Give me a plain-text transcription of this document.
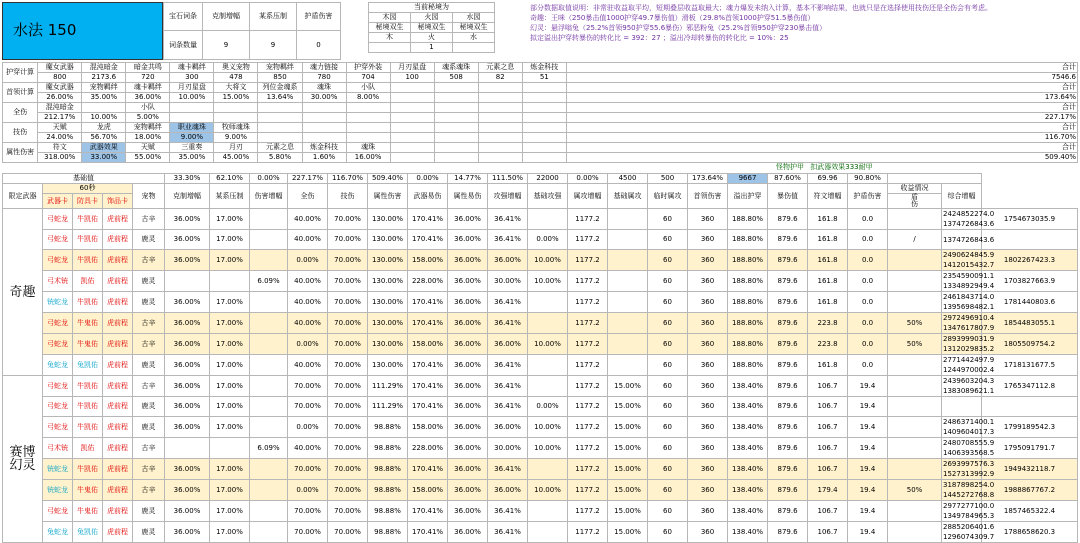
水法 150
宝石词条	克制增幅	某系压制	护盾伤害
词条数量	9	9	0
当前秘境为		
木园	火园	水园
秘境双生	秘境双生	秘境双生
木	火	水
	1	
部分数据取值说明：非常驻收益取平均，短期叠层收益取最大；魂力爆发未纳入计算，基本不影响结果，也就只是在选择使用技伤还是全伤会有考虑。
奇趣：王咪（250暴击值1000护穿49.7暴伤值）滑板（29.8%首领1000护穿51.5暴伤值）
幻灵：悬浮嗡兔（25.2%首领950护穿55.6暴伤）邪恶粉兔（25.2%首领950护穿230暴击值）
拟定溢出护穿转暴伤的转化比 = 392：27 ；溢出冷却转暴伤的转化比 = 10%：25
护穿计算	魔女武器	混沌暗金	暗金共鸣	魂卡羁绊	奥义宠物	宠物羁绊	魂力链接	护穿外装	月刃星盘	魂系魂珠	元素之息	炼金科技	合计
	800	2173.6	720	300	478	850	780	704	100	508	82	51	7546.6
首领计算	魔女武器	宠物羁绊	魂卡羁绊	月刃星盘	大将文	列位金魂系	魂珠	小队					合计
	26.00%	35.00%	36.00%	10.00%	15.00%	13.64%	30.00%	8.00%					173.64%
全伤	混沌暗金		小队										合计
	212.17%	10.00%	5.00%										227.17%
技伤	天赋	龙虎	宠物羁绊	职业魂珠	牧师魂珠								合计
	24.00%	56.70%	18.00%	9.00%	9.00%								116.70%
属性伤害	符文	武器效果	天赋	三重奏	月刃	元素之息	炼金科技	魂珠					合计
	318.00%	33.00%	55.00%	35.00%	45.00%	5.80%	1.60%	16.00%					509.40%
怪物护甲 扣武器效果333耐甲
基础值					33.30%	62.10%	0.00%	227.17%	116.70%	509.40%	0.00%	14.77%	111.50%	22000	0.00%	4500	500	173.64%	9667	87.60%	69.96	90.80%			
限定武器	60秒			宠物	克制增幅	某系压制	伤害增幅	全伤	技伤	属性伤害	武器易伤	属性易伤	攻强增幅	基础攻强	属攻增幅	基础属攻	临时属攻	首领伤害	溢出护穿	暴伤值	符文增幅	护盾伤害	收益情况	综合增幅	
	武器卡	防具卡	饰品卡																				盾
伤		

奇趣	弓蛇龙	牛凯佑	虎前程	古辛	36.00%	17.00%		40.00%	70.00%	130.00%	170.41%	36.00%	36.41%		1177.2		60	360	188.80%	879.6	161.8	0.0		2424852274.0
1374726843.6	1754673035.9
	弓蛇龙	牛凯佑	虎前程	鹿灵	36.00%	17.00%		40.00%	70.00%	130.00%	170.41%	36.00%	36.41%	0.00%	1177.2		60	360	188.80%	879.6	161.8	0.0	/	1374726843.6	

	弓蛇龙	牛凯佑	虎前程	古辛	36.00%	17.00%		0.00%	70.00%	130.00%	158.00%	36.00%	36.00%	10.00%	1177.2		60	360	188.80%	879.6	161.8	0.0		2490624845.9
1412015432.7	1802267423.3
	弓术铳	凯佑	虎前程	鹿灵			6.09%	40.00%	70.00%	130.00%	228.00%	36.00%	30.00%	10.00%	1177.2		60	360	188.80%	879.6	161.8	0.0		2354590091.1
1334892949.4	1703827663.9
	铳蛇龙	牛凯佑	虎前程	鹿灵	36.00%	17.00%		40.00%	70.00%	130.00%	170.41%	36.00%	36.41%		1177.2		60	360	188.80%	879.6	161.8	0.0		2461843714.0
1395698482.1	1781440803.6
	弓蛇龙	牛鬼佑	虎前程	古辛	36.00%	17.00%		40.00%	70.00%	130.00%	170.41%	36.00%	36.41%		1177.2		60	360	188.80%	879.6	223.8	0.0	50%	2972496910.4
1347617807.9	1854483055.1
	弓蛇龙	牛鬼佑	虎前程	古辛	36.00%	17.00%		0.00%	70.00%	130.00%	158.00%	36.00%	36.00%	10.00%	1177.2		60	360	188.80%	879.6	223.8	0.0	50%	2893999031.9
1312029835.2	1805509754.2
	兔蛇龙	兔凯佑	虎前程	鹿灵	36.00%	17.00%		40.00%	70.00%	130.00%	170.41%	36.00%	36.41%		1177.2		60	360	188.80%	879.6	161.8	0.0		2771442497.9
1244970002.4	1718131677.5
赛博幻灵	弓蛇龙	牛凯佑	虎前程	古辛	36.00%	17.00%		70.00%	70.00%	111.29%	170.41%	36.00%	36.41%		1177.2	15.00%	60	360	138.40%	879.6	106.7	19.4		2439603204.3
1383089621.1	1765347112.8
	弓蛇龙	牛凯佑	虎前程	鹿灵	36.00%	17.00%		70.00%	70.00%	111.29%	170.41%	36.00%	36.41%	0.00%	1177.2	15.00%	60	360	138.40%	879.6	106.7	19.4		

	弓蛇龙	牛凯佑	虎前程	鹿灵	36.00%	17.00%		0.00%	70.00%	98.88%	158.00%	36.00%	36.00%	10.00%	1177.2	15.00%	60	360	138.40%	879.6	106.7	19.4		2486371400.1
1409604017.3	1799189542.3
	弓术铳	凯佑	虎前程	古辛			6.09%	40.00%	70.00%	98.88%	228.00%	36.00%	30.00%	10.00%	1177.2	15.00%	60	360	138.40%	879.6	106.7	19.4		2480708555.9
1406393568.5	1795091791.7
	铳蛇龙	牛凯佑	虎前程	古辛	36.00%	17.00%		70.00%	70.00%	98.88%	170.41%	36.00%	36.41%		1177.2	15.00%	60	360	138.40%	879.6	106.7	19.4		2693997576.3
1527313992.9	1949432118.7
	铳蛇龙	牛鬼佑	虎前程	古辛	36.00%	17.00%		0.00%	70.00%	98.88%	158.00%	36.00%	36.00%	10.00%	1177.2	15.00%	60	360	138.40%	879.6	179.4	19.4	50%	3187898254.0
1445272768.8	1988867767.2
	弓蛇龙	牛鬼佑	虎前程	鹿灵	36.00%	17.00%		70.00%	70.00%	98.88%	170.41%	36.00%	36.41%		1177.2	15.00%	60	360	138.40%	879.6	106.7	19.4		2977277100.0
1349784965.3	1857465322.4
	兔蛇龙	兔凯佑	虎前程	鹿灵	36.00%	17.00%		70.00%	70.00%	98.88%	170.41%	36.00%	36.41%		1177.2	15.00%	60	360	138.40%	879.6	106.7	19.4		2885206401.6
1296074309.7	1788658620.3
